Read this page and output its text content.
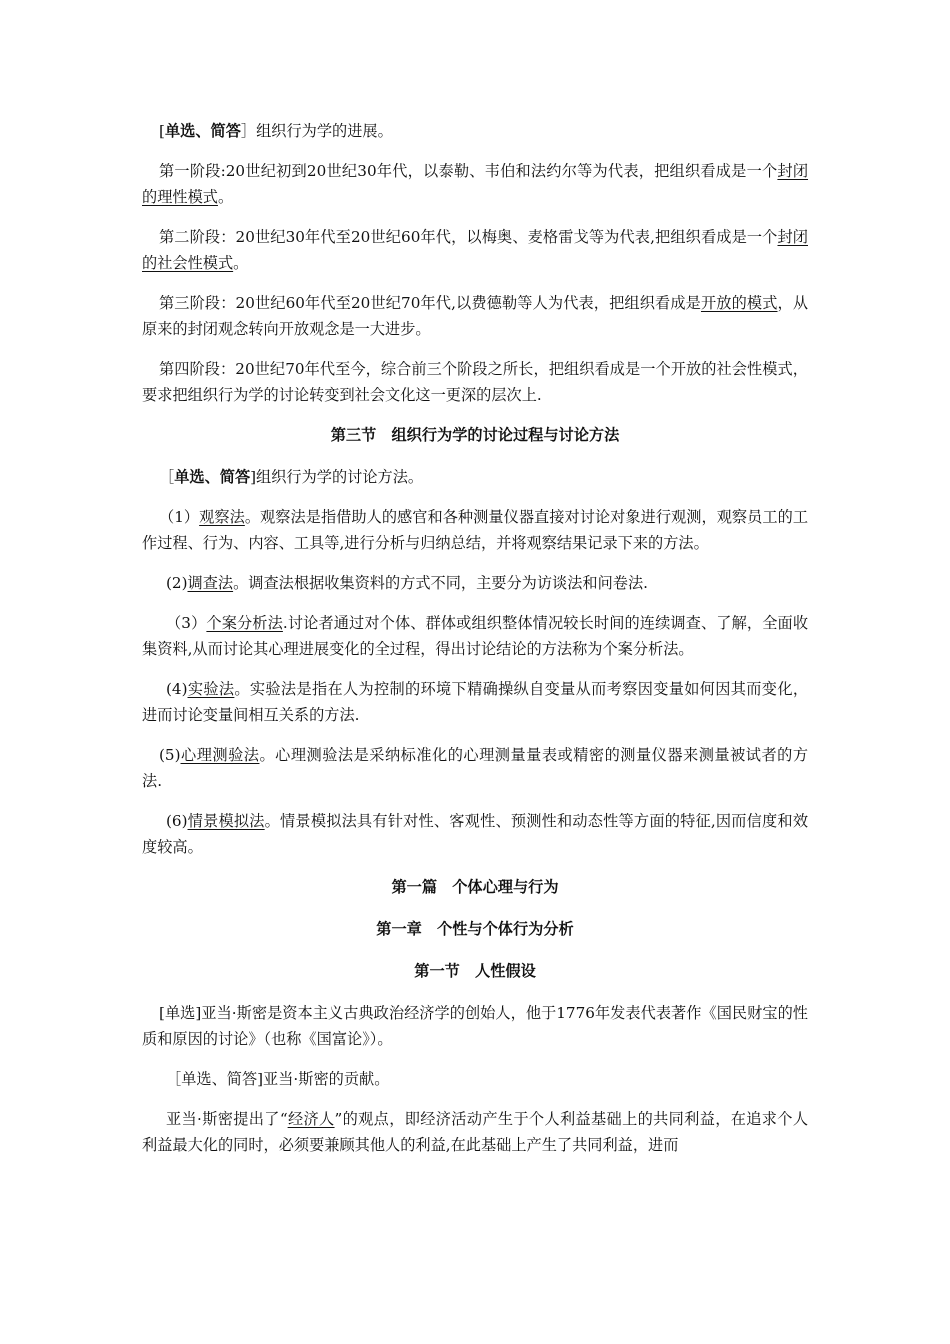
[单选、简答］组织行为学的进展。

第一阶段:20世纪初到20世纪30年代，以泰勒、韦伯和法约尔等为代表，把组织看成是一个封闭的理性模式。

第二阶段：20世纪30年代至20世纪60年代，以梅奥、麦格雷戈等为代表,把组织看成是一个封闭的社会性模式。

第三阶段：20世纪60年代至20世纪70年代,以费德勒等人为代表，把组织看成是开放的模式，从原来的封闭观念转向开放观念是一大进步。

第四阶段：20世纪70年代至今，综合前三个阶段之所长，把组织看成是一个开放的社会性模式，要求把组织行为学的讨论转变到社会文化这一更深的层次上.

第三节　组织行为学的讨论过程与讨论方法

［单选、简答]组织行为学的讨论方法。

（1）观察法。观察法是指借助人的感官和各种测量仪器直接对讨论对象进行观测，观察员工的工作过程、行为、内容、工具等,进行分析与归纳总结，并将观察结果记录下来的方法。

(2)调查法。调查法根据收集资料的方式不同，主要分为访谈法和问卷法.

（3）个案分析法.讨论者通过对个体、群体或组织整体情况较长时间的连续调查、了解，全面收集资料,从而讨论其心理进展变化的全过程，得出讨论结论的方法称为个案分析法。

(4)实验法。实验法是指在人为控制的环境下精确操纵自变量从而考察因变量如何因其而变化，进而讨论变量间相互关系的方法.

(5)心理测验法。心理测验法是采纳标准化的心理测量量表或精密的测量仪器来测量被试者的方法.

(6)情景模拟法。情景模拟法具有针对性、客观性、预测性和动态性等方面的特征,因而信度和效度较高。

第一篇　个体心理与行为

第一章　个性与个体行为分析

第一节　人性假设

[单选]亚当·斯密是资本主义古典政治经济学的创始人，他于1776年发表代表著作《国民财宝的性质和原因的讨论》（也称《国富论》）。

［单选、简答]亚当·斯密的贡献。

亚当·斯密提出了“经济人”的观点，即经济活动产生于个人利益基础上的共同利益，在追求个人利益最大化的同时，必须要兼顾其他人的利益,在此基础上产生了共同利益，进而
